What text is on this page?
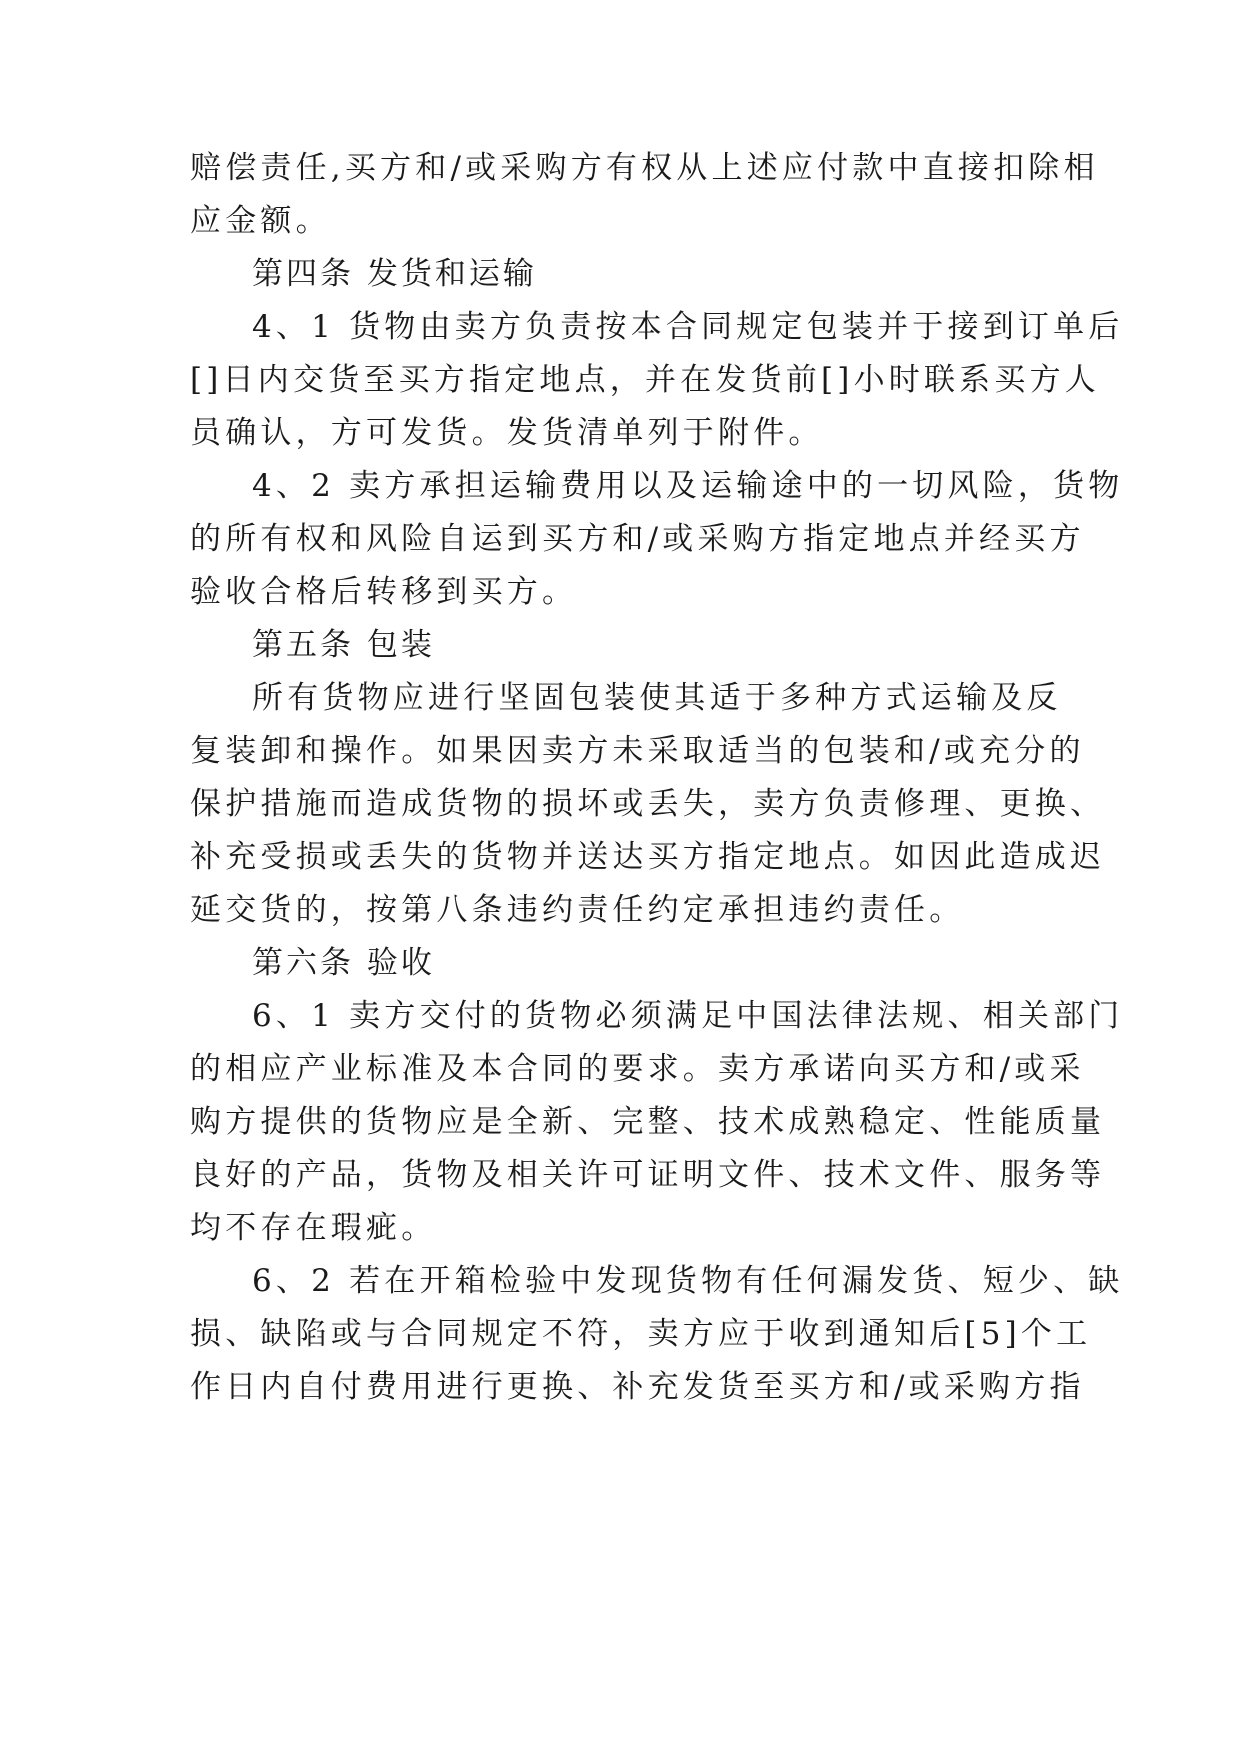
赔偿责任,买方和/或采购方有权从上述应付款中直接扣除相
应金额。
第四条 发货和运输
4、1 货物由卖方负责按本合同规定包装并于接到订单后
[]日内交货至买方指定地点，并在发货前[]小时联系买方人
员确认，方可发货。发货清单列于附件。
4、2 卖方承担运输费用以及运输途中的一切风险，货物
的所有权和风险自运到买方和/或采购方指定地点并经买方
验收合格后转移到买方。
第五条 包装
所有货物应进行坚固包装使其适于多种方式运输及反
复装卸和操作。如果因卖方未采取适当的包装和/或充分的
保护措施而造成货物的损坏或丢失，卖方负责修理、更换、
补充受损或丢失的货物并送达买方指定地点。如因此造成迟
延交货的，按第八条违约责任约定承担违约责任。
第六条 验收
6、1 卖方交付的货物必须满足中国法律法规、相关部门
的相应产业标准及本合同的要求。卖方承诺向买方和/或采
购方提供的货物应是全新、完整、技术成熟稳定、性能质量
良好的产品，货物及相关许可证明文件、技术文件、服务等
均不存在瑕疵。
6、2 若在开箱检验中发现货物有任何漏发货、短少、缺
损、缺陷或与合同规定不符，卖方应于收到通知后[5]个工
作日内自付费用进行更换、补充发货至买方和/或采购方指
